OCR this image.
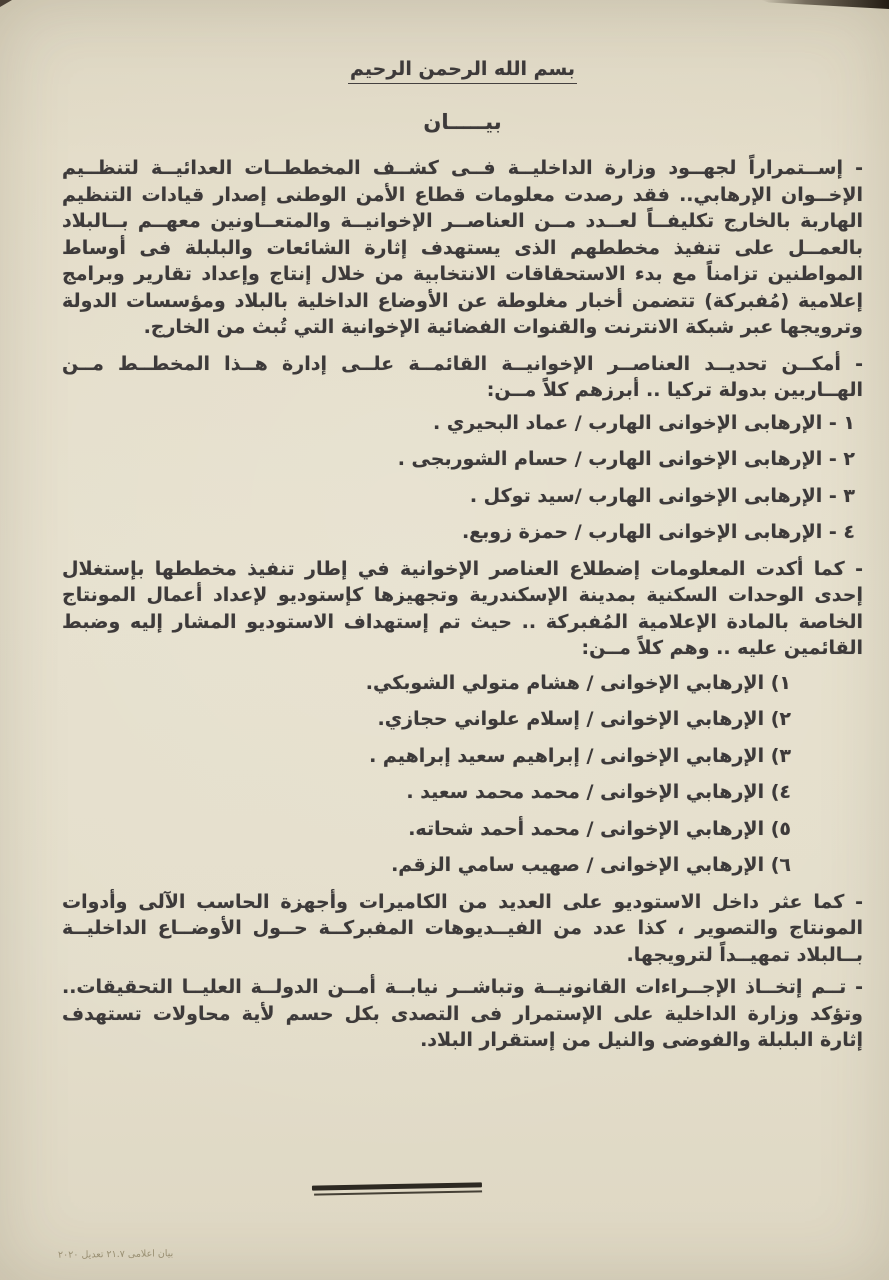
بسم الله الرحمن الرحيم
بيـــــان

- إســتمراراً لجهــود وزارة الداخليــة فــى كشــف المخططــات العدائيــة لتنظــيم الإخــوان الإرهابي.. فقد رصدت معلومات قطاع الأمن الوطنى إصدار قيادات التنظيم الهاربة بالخارج تكليفــاً لعــدد مــن العناصــر الإخوانيــة والمتعــاونين معهــم بــالبلاد بالعمــل على تنفيذ مخططهم الذى يستهدف إثارة الشائعات والبلبلة فى أوساط المواطنين تزامناً مع بدء الاستحقاقات الانتخابية من خلال إنتاج وإعداد تقارير وبرامج إعلامية (مُفبركة) تتضمن أخبار مغلوطة عن الأوضاع الداخلية بالبلاد ومؤسسات الدولة وترويجها عبر شبكة الانترنت والقنوات الفضائية الإخوانية التي تُبث من الخارج.

- أمكــن تحديــد العناصــر الإخوانيــة القائمــة علــى إدارة هــذا المخطــط مــن الهــاربين بدولة تركيا .. أبرزهم كلاً مــن:

١ - الإرهابى الإخوانى الهارب / عماد البحيري .
٢ - الإرهابى الإخوانى الهارب / حسام الشوربجى .
٣ - الإرهابى الإخوانى الهارب /سيد توكل .
٤ - الإرهابى الإخوانى الهارب / حمزة زوبع.

- كما أكدت المعلومات إضطلاع العناصر الإخوانية في إطار تنفيذ مخططها بإستغلال إحدى الوحدات السكنية بمدينة الإسكندرية وتجهيزها كإستوديو لإعداد أعمال المونتاج الخاصة بالمادة الإعلامية المُفبركة .. حيث تم إستهداف الاستوديو المشار إليه وضبط القائمين عليه .. وهم كلاً مــن:

١) الإرهابي الإخوانى / هشام متولي الشوبكي.
٢) الإرهابي الإخوانى / إسلام علواني حجازي.
٣) الإرهابي الإخوانى / إبراهيم سعيد إبراهيم .
٤) الإرهابي الإخوانى / محمد محمد سعيد .
٥) الإرهابي الإخوانى / محمد أحمد شحاته.
٦) الإرهابي الإخوانى / صهيب سامي الزقم.

- كما عثر داخل الاستوديو على العديد من الكاميرات وأجهزة الحاسب الآلى وأدوات المونتاج والتصوير ، كذا عدد من الفيــديوهات المفبركــة حــول الأوضــاع الداخليــة بــالبلاد تمهيــداً لترويجها.

- تــم إتخــاذ الإجــراءات القانونيــة وتباشــر نيابــة أمــن الدولــة العليــا التحقيقات.. وتؤكد وزارة الداخلية على الإستمرار فى التصدى بكل حسم لأية محاولات تستهدف إثارة البلبلة والفوضى والنيل من إستقرار البلاد.

بيان اعلامى ٢١.٧ تعديل ٢٠٢٠
